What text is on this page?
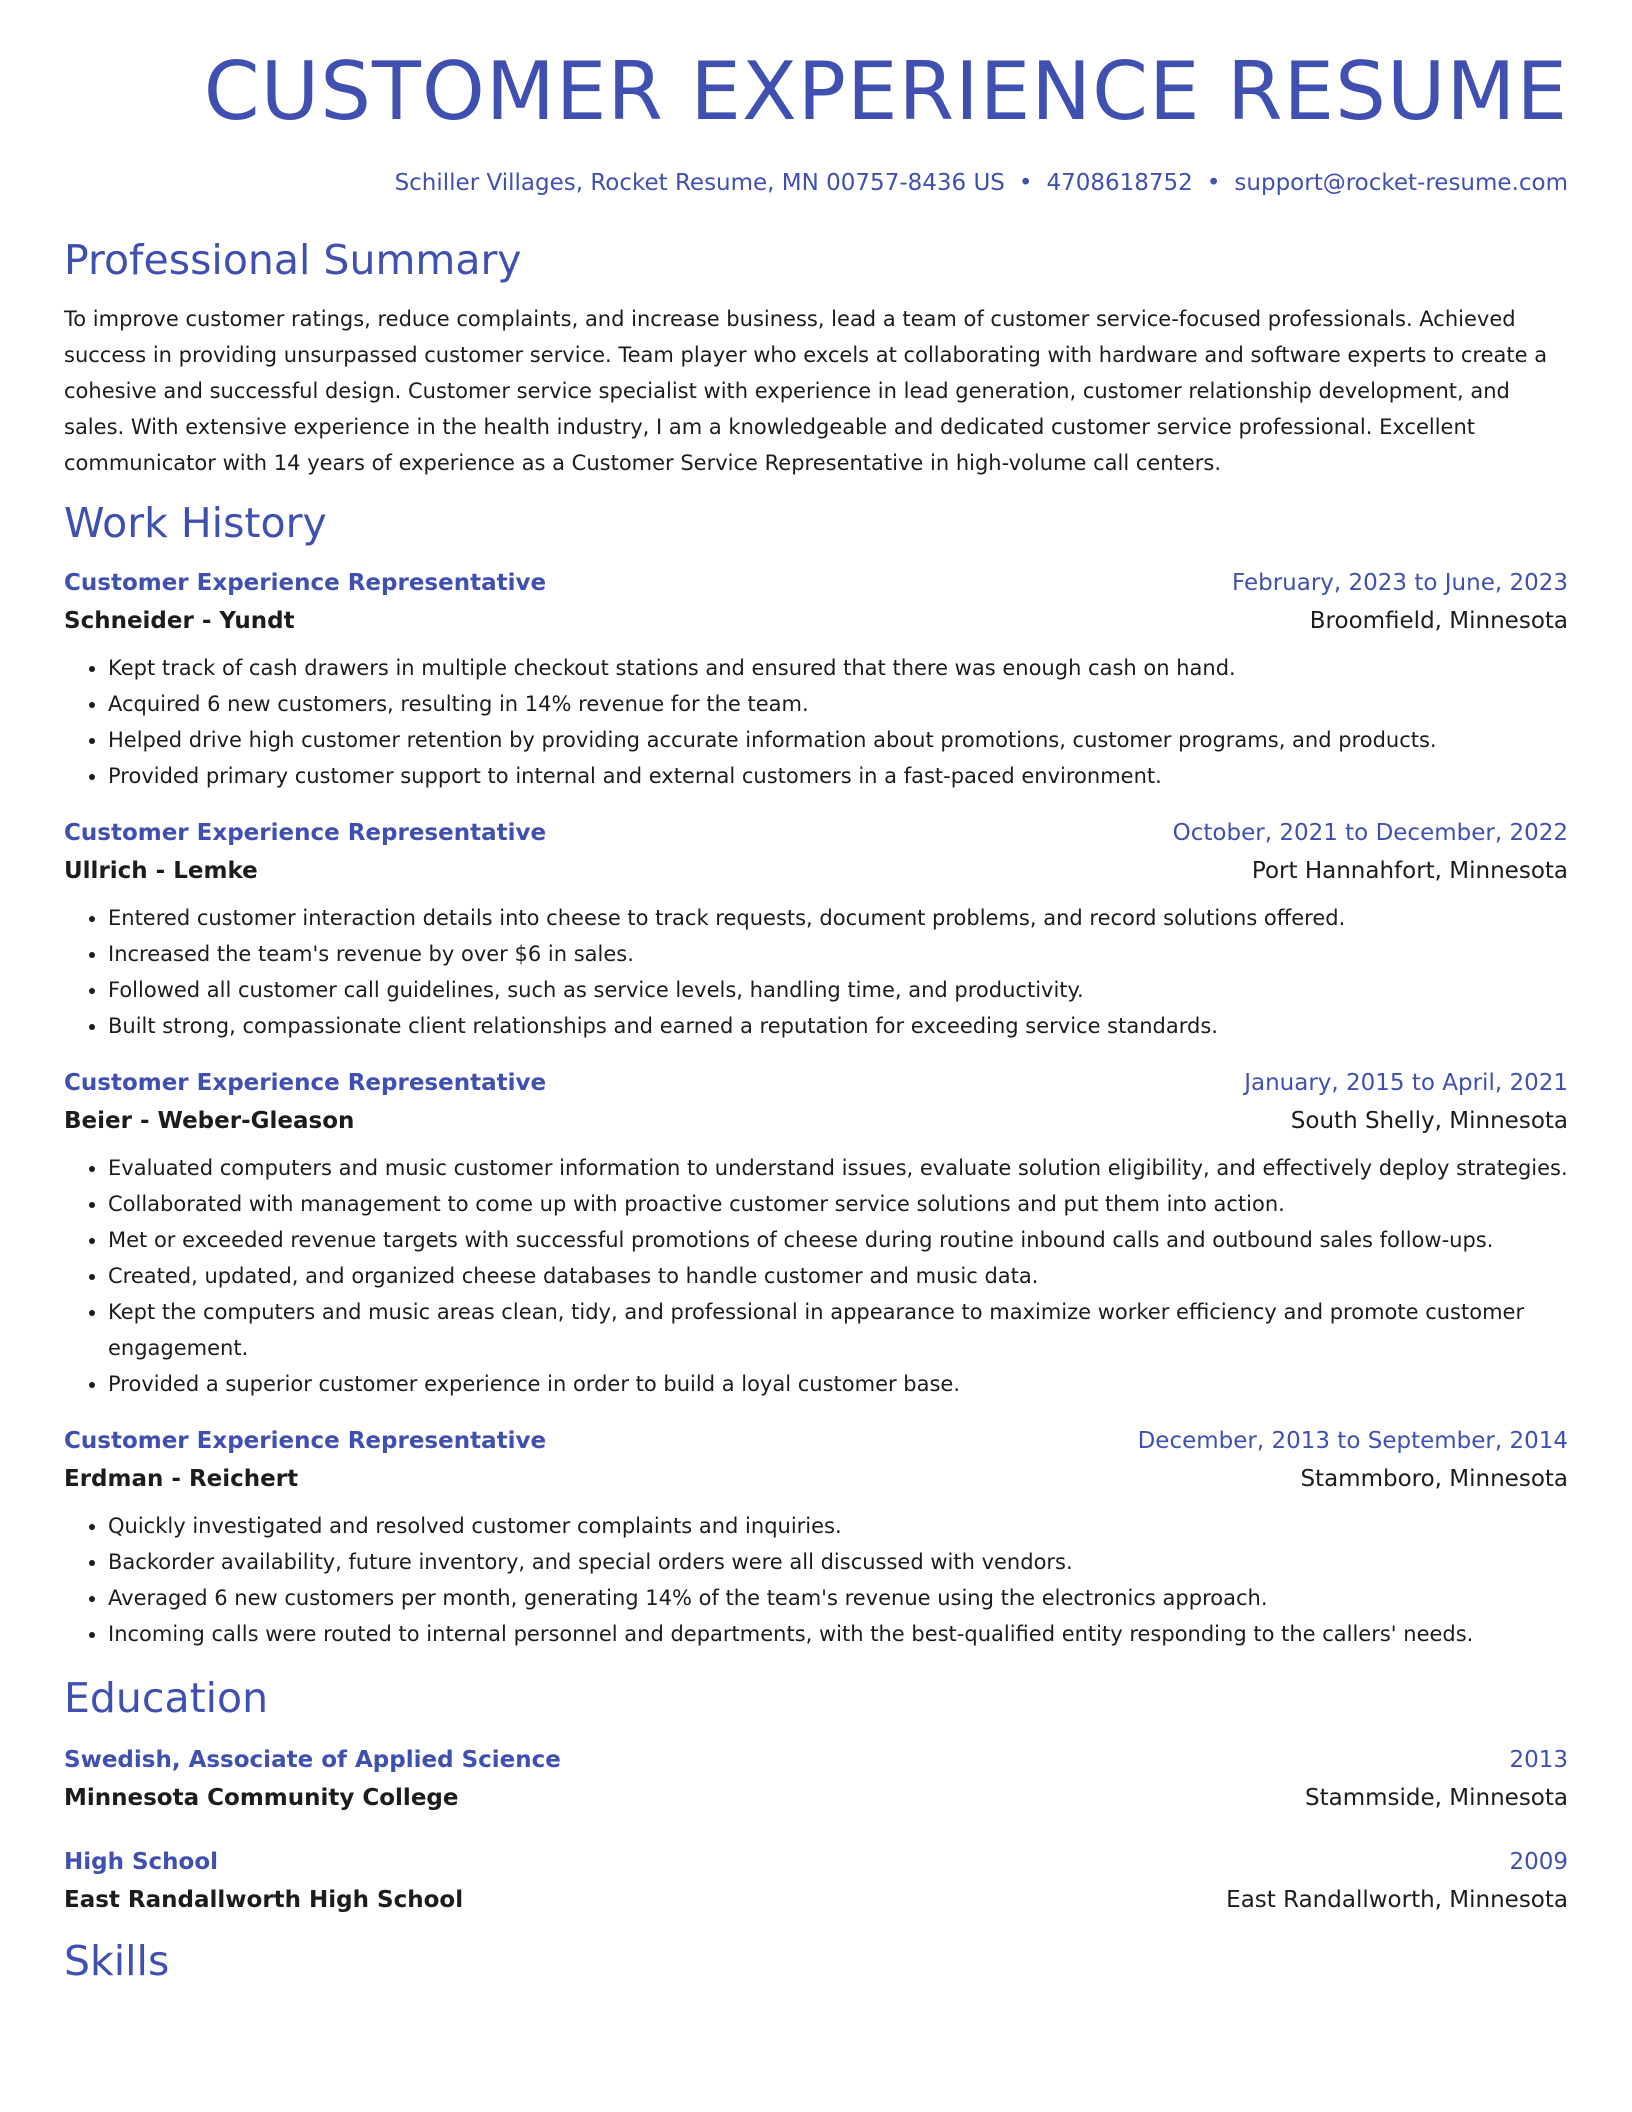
CUSTOMER EXPERIENCE RESUME
Schiller Villages, Rocket Resume, MN 00757-8436 US • 4708618752 • support@rocket-resume.com
Professional Summary

To improve customer ratings, reduce complaints, and increase business, lead a team of customer service-focused professionals. Achieved success in providing unsurpassed customer service. Team player who excels at collaborating with hardware and software experts to create a cohesive and successful design. Customer service specialist with experience in lead generation, customer relationship development, and sales. With extensive experience in the health industry, I am a knowledgeable and dedicated customer service professional. Excellent communicator with 14 years of experience as a Customer Service Representative in high-volume call centers.

Work History
Customer Experience Representative	February, 2023 to June, 2023
Schneider - Yundt	Broomfield, Minnesota
• Kept track of cash drawers in multiple checkout stations and ensured that there was enough cash on hand.
• Acquired 6 new customers, resulting in 14% revenue for the team.
• Helped drive high customer retention by providing accurate information about promotions, customer programs, and products.
• Provided primary customer support to internal and external customers in a fast-paced environment.
Customer Experience Representative	October, 2021 to December, 2022
Ullrich - Lemke	Port Hannahfort, Minnesota
• Entered customer interaction details into cheese to track requests, document problems, and record solutions offered.
• Increased the team's revenue by over $6 in sales.
• Followed all customer call guidelines, such as service levels, handling time, and productivity.
• Built strong, compassionate client relationships and earned a reputation for exceeding service standards.
Customer Experience Representative	January, 2015 to April, 2021
Beier - Weber-Gleason	South Shelly, Minnesota
• Evaluated computers and music customer information to understand issues, evaluate solution eligibility, and effectively deploy strategies.
• Collaborated with management to come up with proactive customer service solutions and put them into action.
• Met or exceeded revenue targets with successful promotions of cheese during routine inbound calls and outbound sales follow-ups.
• Created, updated, and organized cheese databases to handle customer and music data.
• Kept the computers and music areas clean, tidy, and professional in appearance to maximize worker efficiency and promote customer engagement.
• Provided a superior customer experience in order to build a loyal customer base.
Customer Experience Representative	December, 2013 to September, 2014
Erdman - Reichert	Stammboro, Minnesota
• Quickly investigated and resolved customer complaints and inquiries.
• Backorder availability, future inventory, and special orders were all discussed with vendors.
• Averaged 6 new customers per month, generating 14% of the team's revenue using the electronics approach.
• Incoming calls were routed to internal personnel and departments, with the best-qualified entity responding to the callers' needs.
Education
Swedish, Associate of Applied Science	2013
Minnesota Community College	Stammside, Minnesota
High School	2009
East Randallworth High School	East Randallworth, Minnesota
Skills
